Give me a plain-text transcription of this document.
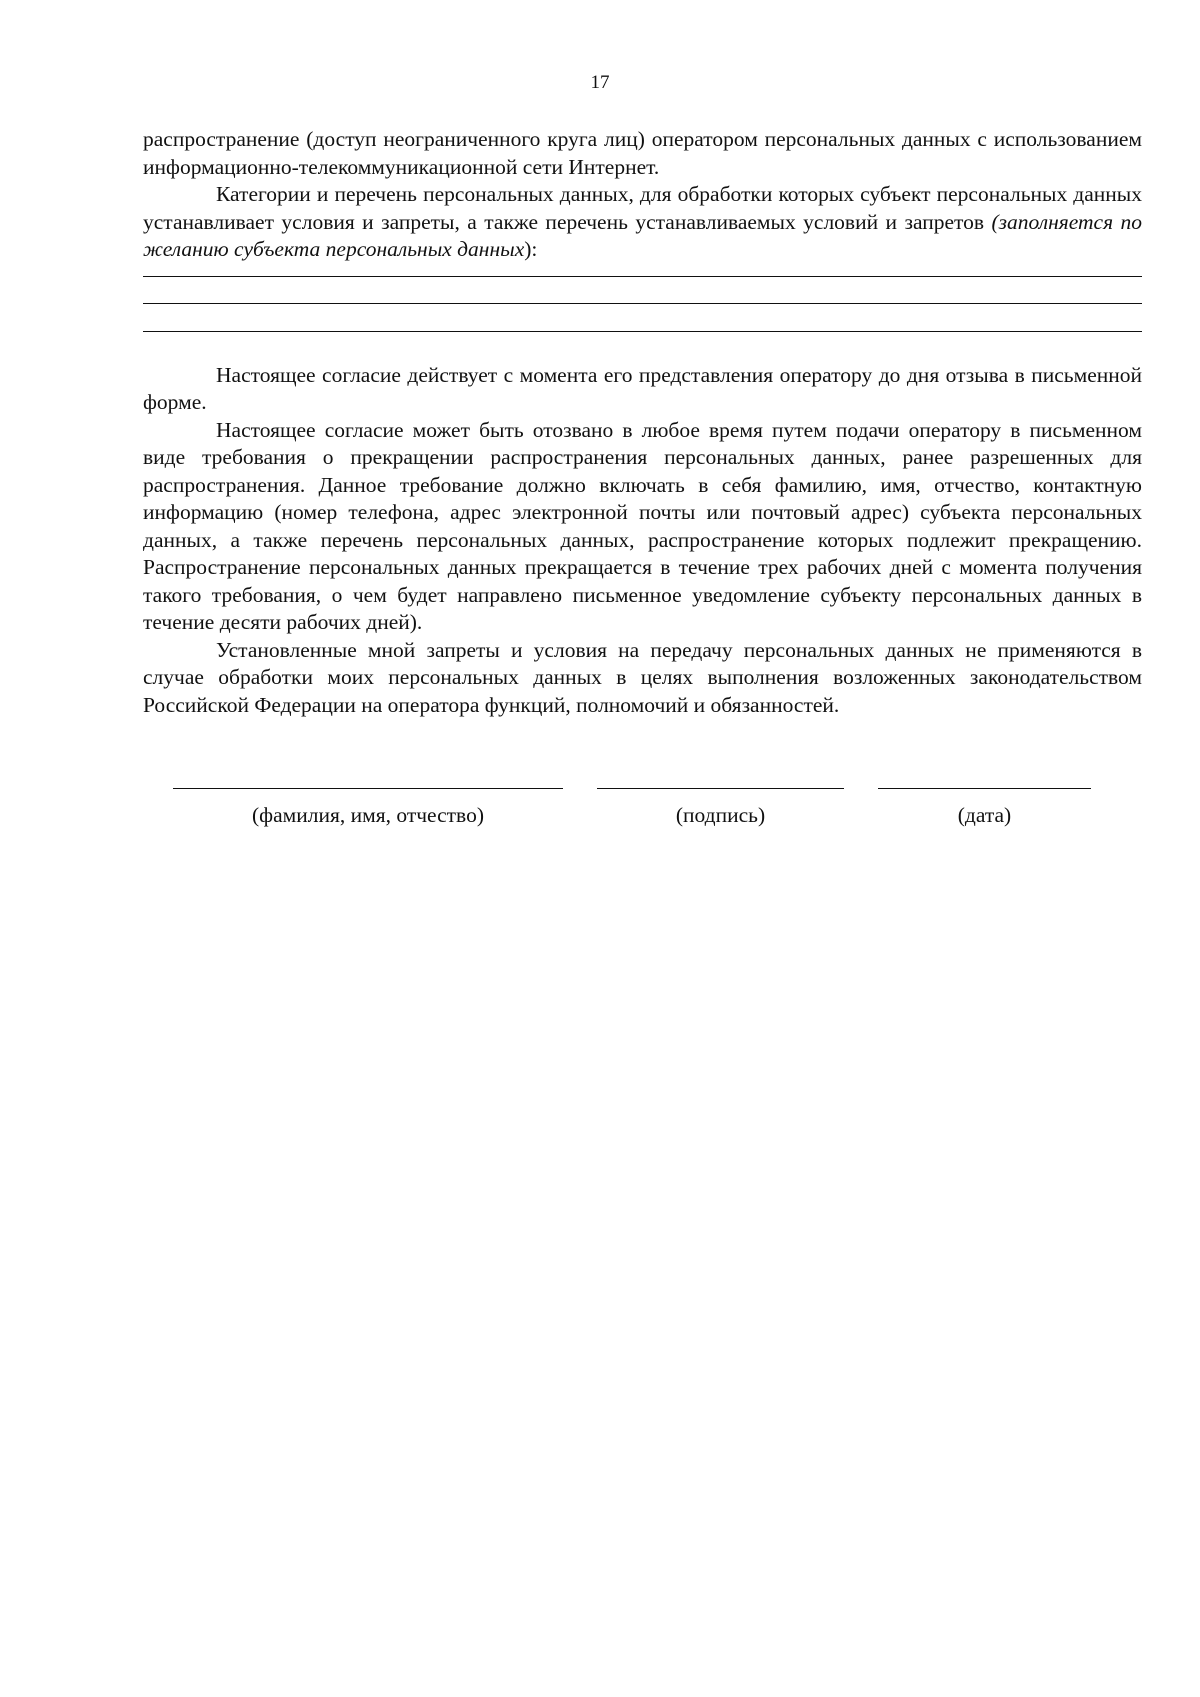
17

распространение (доступ неограниченного круга лиц) оператором персональных данных с использованием информационно-телекоммуникационной сети Интернет.

Категории и перечень персональных данных, для обработки которых субъект персональных данных устанавливает условия и запреты, а также перечень устанавливаемых условий и запретов (заполняется по желанию субъекта персональных данных):

Настоящее согласие действует с момента его представления оператору до дня отзыва в письменной форме.

Настоящее согласие может быть отозвано в любое время путем подачи оператору в письменном виде требования о прекращении распространения персональных данных, ранее разрешенных для распространения. Данное требование должно включать в себя фамилию, имя, отчество, контактную информацию (номер телефона, адрес электронной почты или почтовый адрес) субъекта персональных данных, а также перечень персональных данных, распространение которых подлежит прекращению. Распространение персональных данных прекращается в течение трех рабочих дней с момента получения такого требования, о чем будет направлено письменное уведомление субъекту персональных данных в течение десяти рабочих дней).

Установленные мной запреты и условия на передачу персональных данных не применяются в случае обработки моих персональных данных в целях выполнения возложенных законодательством Российской Федерации на оператора функций, полномочий и обязанностей.

(фамилия, имя, отчество)	(подпись)	(дата)
